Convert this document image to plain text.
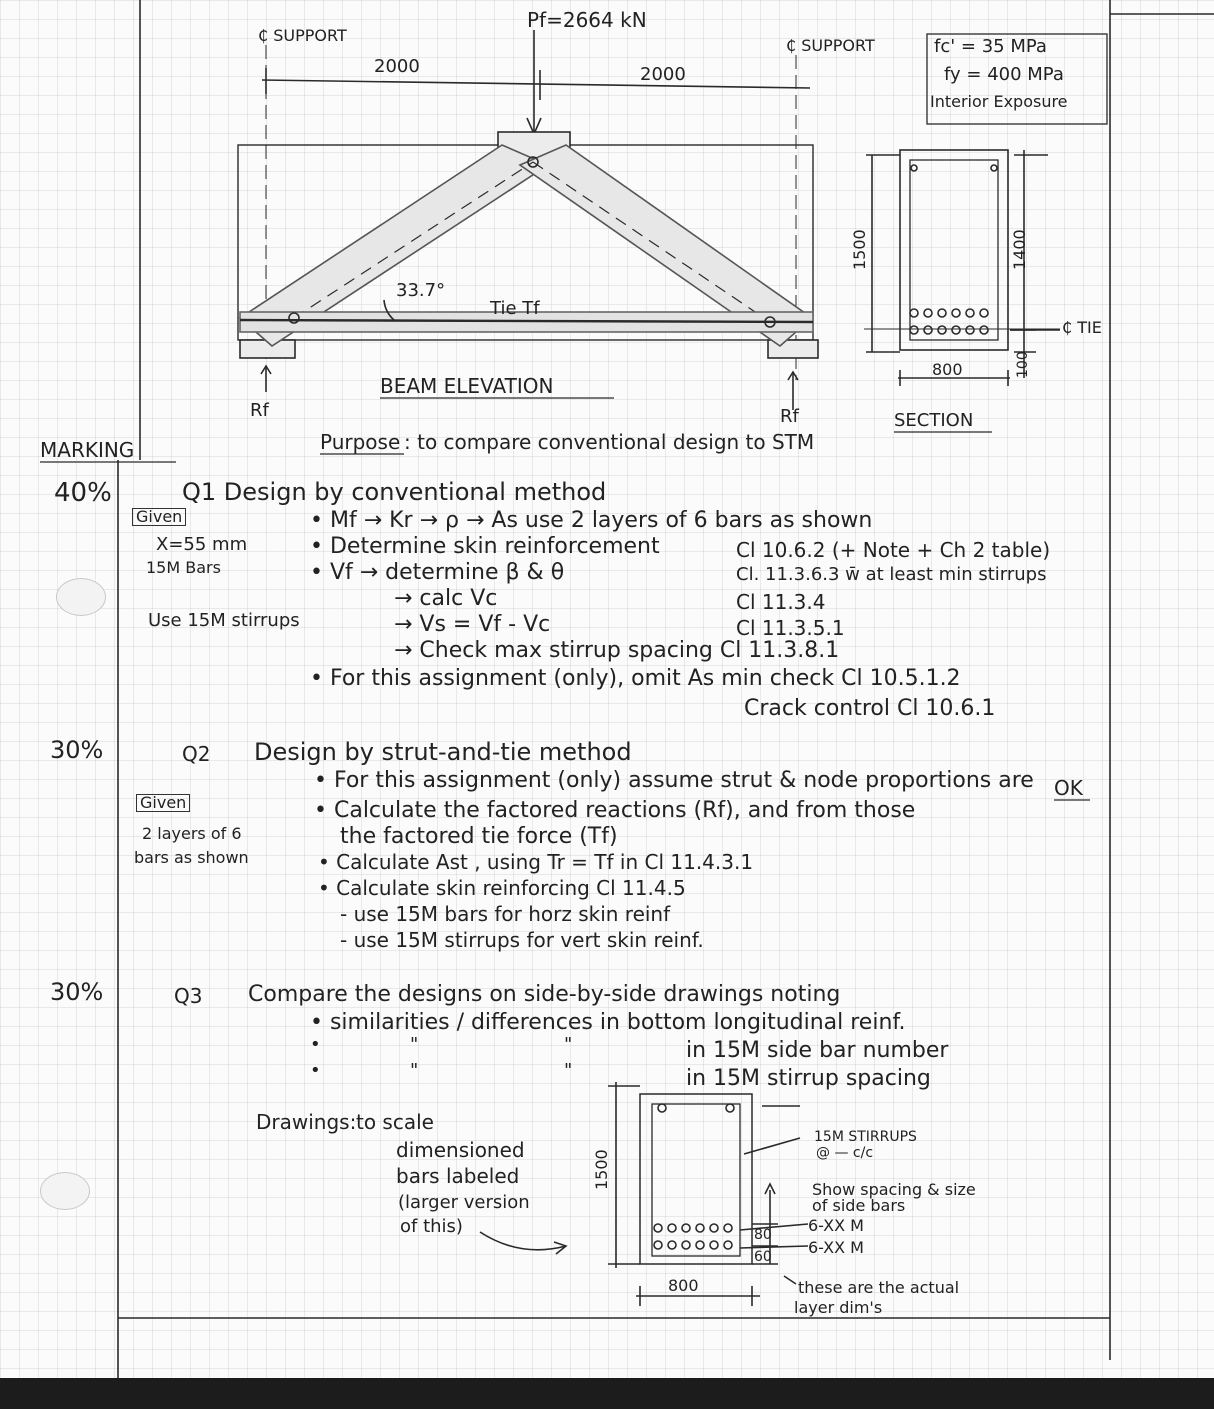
₵ SUPPORT
₵ SUPPORT
Pf=2664 kN
2000	2000
33.7°
Tie Tf
Rf	Rf
BEAM ELEVATION
SECTION
1500	1400
800	100
₵ TIE
fc' = 35 MPa
fy = 400 MPa
Interior Exposure
Purpose : to compare conventional design to STM
MARKING
40%	Q1 Design by conventional method
Given
X=55 mm
15M Bars
Use 15M stirrups
• Mf → Kr → ρ → As use 2 layers of 6 bars as shown
• Determine skin reinforcement
• Vf → determine β & θ
→ calc Vc
→ Vs = Vf - Vc
→ Check max stirrup spacing Cl 11.3.8.1
• For this assignment (only), omit As min check Cl 10.5.1.2
Crack control Cl 10.6.1
Cl 10.6.2 (+ Note + Ch 2 table)
Cl. 11.3.6.3 w̄ at least min stirrups
Cl 11.3.4
Cl 11.3.5.1
30%	Q2 Design by strut-and-tie method
Given
2 layers of 6
bars as shown
• For this assignment (only) assume strut & node proportions are OK
• Calculate the factored reactions (Rf), and from those
the factored tie force (Tf)
• Calculate Ast , using Tr = Tf in Cl 11.4.3.1
• Calculate skin reinforcing Cl 11.4.5
- use 15M bars for horz skin reinf
- use 15M stirrups for vert skin reinf.
30%	Q3 Compare the designs on side-by-side drawings noting
• similarities / differences in bottom longitudinal reinf.
•	"	"	in 15M side bar number
•	"	"	in 15M stirrup spacing
Drawings: to scale
dimensioned
bars labeled
(larger version
of this)
1500
800
80
60
15M STIRRUPS
@ — c/c
Show spacing & size
of side bars
6-XX M
6-XX M
these are the actual
layer dim's
